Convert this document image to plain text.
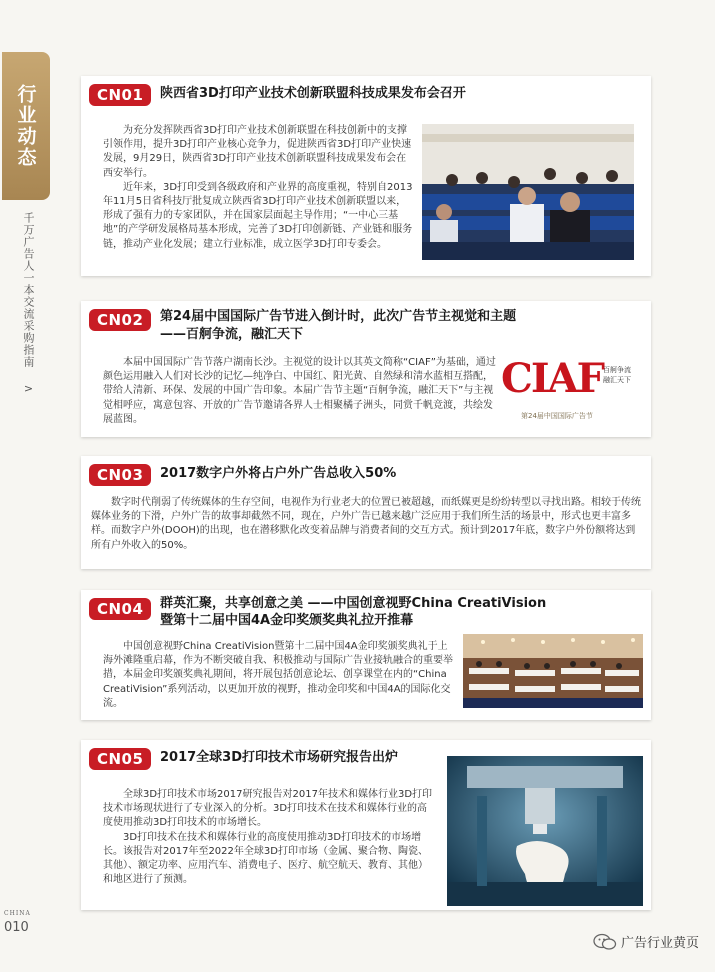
行业动态
千万广告人一本交流采购指南 >
CN01	陕西省3D打印产业技术创新联盟科技成果发布会召开

为充分发挥陕西省3D打印产业技术创新联盟在科技创新中的支撑引领作用，提升3D打印产业核心竞争力，促进陕西省3D打印产业快速发展，9月29日，陕西省3D打印产业技术创新联盟科技成果发布会在西安举行。

近年来，3D打印受到各级政府和产业界的高度重视，特别自2013年11月5日省科技厅批复成立陕西省3D打印产业技术创新联盟以来，形成了强有力的专家团队，并在国家层面起主导作用；“一中心三基地”的产学研发展格局基本形成，完善了3D打印创新链、产业链和服务链，推动产业化发展；建立行业标准，成立医学3D打印专委会。

CN02	第24届中国国际广告节进入倒计时，此次广告节主视觉和主题
——百舸争流，融汇天下

本届中国国际广告节落户湖南长沙。主视觉的设计以其英文简称“CIAF”为基础，通过颜色运用融入人们对长沙的记忆—纯净白、中国红、阳光黄、自然绿和清水蓝相互搭配，带给人清新、环保、发展的中国广告印象。本届广告节主题“百舸争流，融汇天下”与主视觉相呼应，寓意包容、开放的广告节邀请各界人士相聚橘子洲头，同赏千帆竞渡，共绘发展蓝图。

CIAF 百舸争流
融汇天下
第24届中国国际广告节
CN03	2017数字户外将占户外广告总收入50%

数字时代削弱了传统媒体的生存空间，电视作为行业老大的位置已被超越，而纸媒更是纷纷转型以寻找出路。相较于传统媒体业务的下滑，户外广告的故事却截然不同，现在，户外广告已越来越广泛应用于我们所生活的场景中，形式也更丰富多样。而数字户外(DOOH)的出现，也在潜移默化改变着品牌与消费者间的交互方式。预计到2017年底，数字户外份额将达到所有户外收入的50%。

CN04	群英汇聚，共享创意之美 ——中国创意视野China CreatiVision
暨第十二届中国4A金印奖颁奖典礼拉开推幕

中国创意视野China CreatiVision暨第十二届中国4A金印奖颁奖典礼于上海外滩隆重启幕，作为不断突破自我、积极推动与国际广告业接轨融合的重要举措，本届金印奖颁奖典礼期间，将开展包括创意论坛、创享课堂在内的“China CreatiVision”系列活动，以更加开放的视野，推动金印奖和中国4A的国际化交流。

CN05	2017全球3D打印技术市场研究报告出炉

全球3D打印技术市场2017研究报告对2017年技术和媒体行业3D打印技术市场现状进行了专业深入的分析。3D打印技术在技术和媒体行业的高度使用推动3D打印技术的市场增长。

3D打印技术在技术和媒体行业的高度使用推动3D打印技术的市场增长。该报告对2017年至2022年全球3D打印市场（金属、聚合物、陶瓷、其他）、额定功率、应用汽车、消费电子、医疗、航空航天、教育、其他）和地区进行了预测。

CHINA
010
广告行业黄页
